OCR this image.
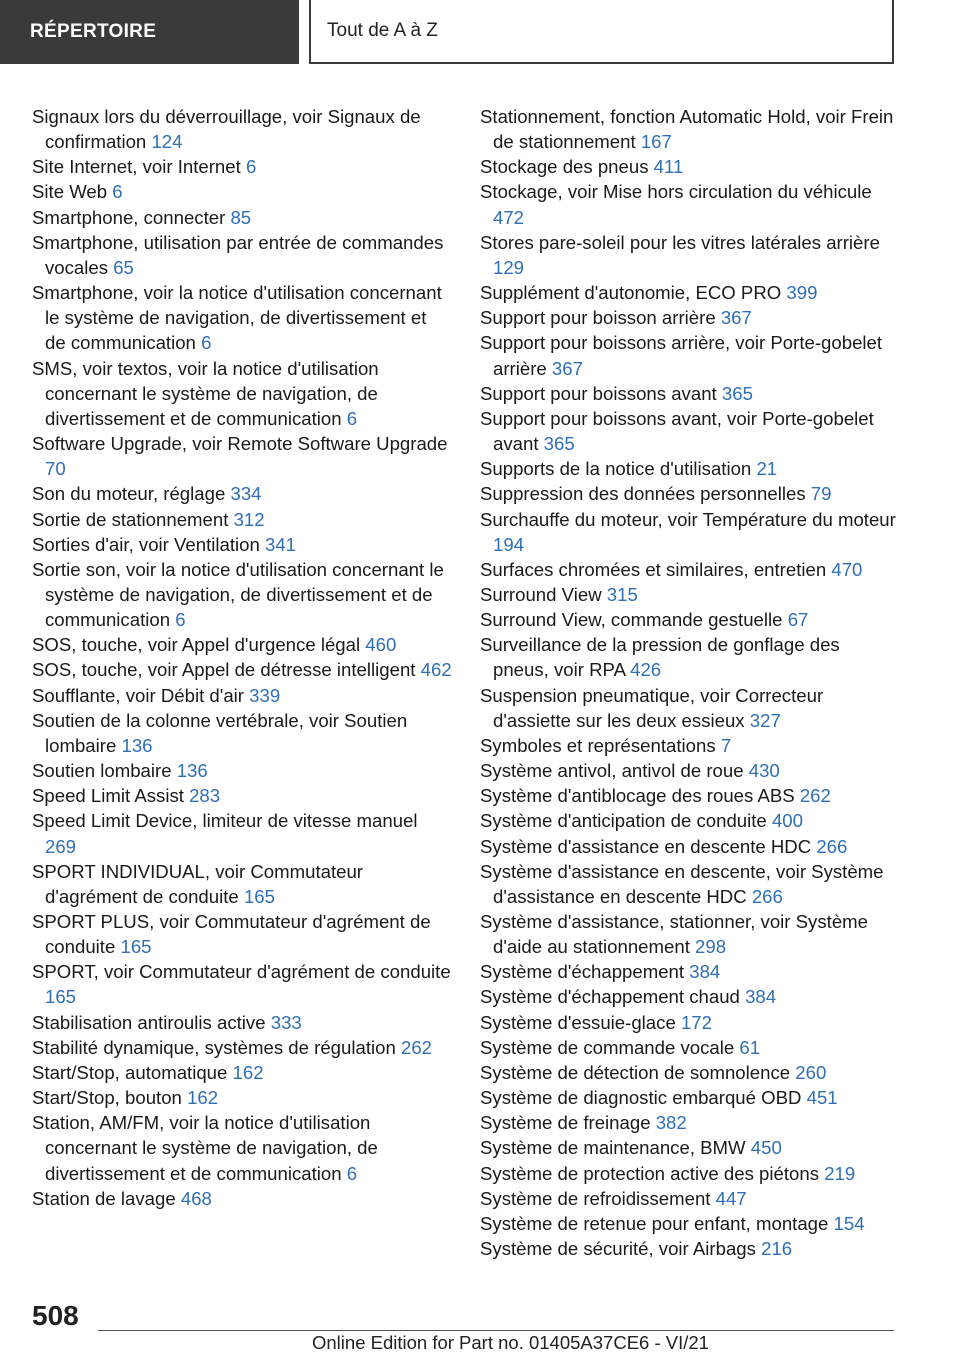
RÉPERTOIRE	Tout de A à Z
Signaux lors du déverrouillage, voir Signaux de confirmation 124
Site Internet, voir Internet 6
Site Web 6
Smartphone, connecter 85
Smartphone, utilisation par entrée de commandes vocales 65
Smartphone, voir la notice d'utilisation concernant le système de navigation, de divertissement et de communication 6
SMS, voir textos, voir la notice d'utilisation concernant le système de navigation, de divertissement et de communication 6
Software Upgrade, voir Remote Software Upgrade 70
Son du moteur, réglage 334
Sortie de stationnement 312
Sorties d'air, voir Ventilation 341
Sortie son, voir la notice d'utilisation concernant le système de navigation, de divertissement et de communication 6
SOS, touche, voir Appel d'urgence légal 460
SOS, touche, voir Appel de détresse intelligent 462
Soufflante, voir Débit d'air 339
Soutien de la colonne vertébrale, voir Soutien lombaire 136
Soutien lombaire 136
Speed Limit Assist 283
Speed Limit Device, limiteur de vitesse manuel 269
SPORT INDIVIDUAL, voir Commutateur d'agrément de conduite 165
SPORT PLUS, voir Commutateur d'agrément de conduite 165
SPORT, voir Commutateur d'agrément de conduite 165
Stabilisation antiroulis active 333
Stabilité dynamique, systèmes de régulation 262
Start/Stop, automatique 162
Start/Stop, bouton 162
Station, AM/FM, voir la notice d'utilisation concernant le système de navigation, de divertissement et de communication 6
Station de lavage 468
Stationnement, fonction Automatic Hold, voir Frein de stationnement 167
Stockage des pneus 411
Stockage, voir Mise hors circulation du véhicule 472
Stores pare-soleil pour les vitres latérales arrière 129
Supplément d'autonomie, ECO PRO 399
Support pour boisson arrière 367
Support pour boissons arrière, voir Porte-gobelet arrière 367
Support pour boissons avant 365
Support pour boissons avant, voir Porte-gobelet avant 365
Supports de la notice d'utilisation 21
Suppression des données personnelles 79
Surchauffe du moteur, voir Température du moteur 194
Surfaces chromées et similaires, entretien 470
Surround View 315
Surround View, commande gestuelle 67
Surveillance de la pression de gonflage des pneus, voir RPA 426
Suspension pneumatique, voir Correcteur d'assiette sur les deux essieux 327
Symboles et représentations 7
Système antivol, antivol de roue 430
Système d'antiblocage des roues ABS 262
Système d'anticipation de conduite 400
Système d'assistance en descente HDC 266
Système d'assistance en descente, voir Système d'assistance en descente HDC 266
Système d'assistance, stationner, voir Système d'aide au stationnement 298
Système d'échappement 384
Système d'échappement chaud 384
Système d'essuie-glace 172
Système de commande vocale 61
Système de détection de somnolence 260
Système de diagnostic embarqué OBD 451
Système de freinage 382
Système de maintenance, BMW 450
Système de protection active des piétons 219
Système de refroidissement 447
Système de retenue pour enfant, montage 154
Système de sécurité, voir Airbags 216
508
Online Edition for Part no. 01405A37CE6 - VI/21
